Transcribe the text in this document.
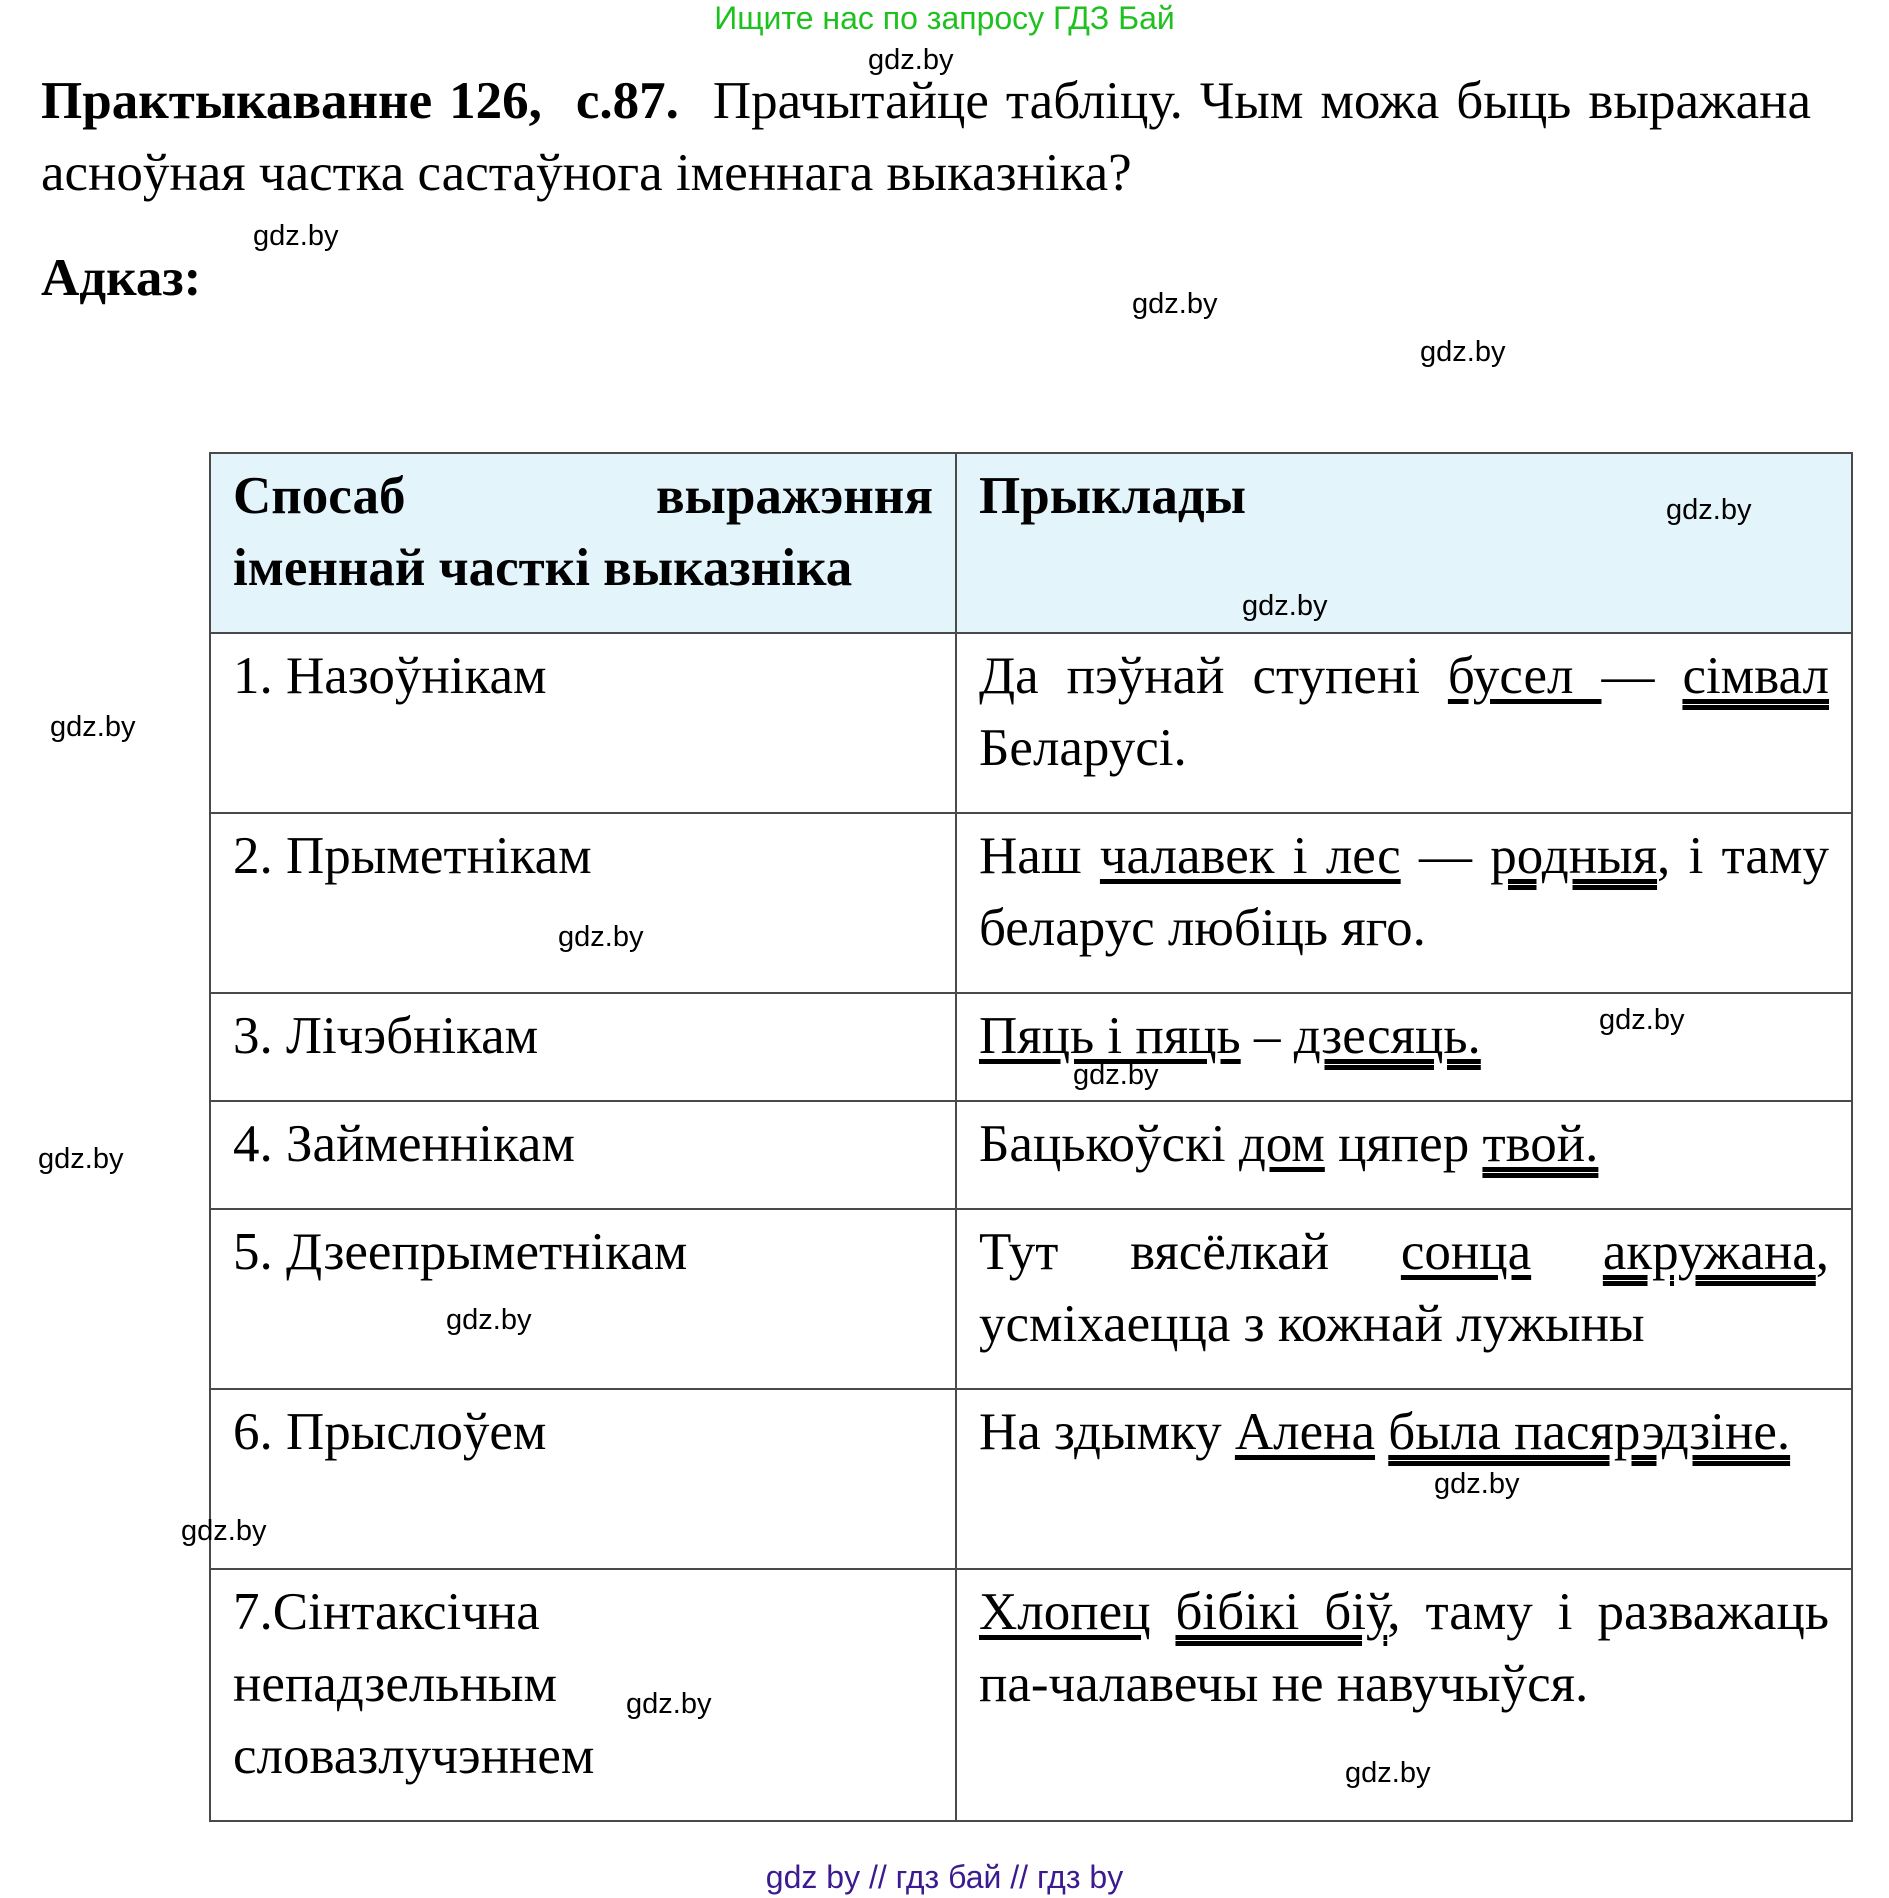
Ищите нас по запросу ГДЗ Бай
Практыкаванне 126, с.87. Прачытайце табліцу. Чым можа быць выражана асноўная частка састаўнога іменнага выказніка?
Адказ:
gdz.by
gdz.by
gdz.by
gdz.by
Спосаб выражэння
іменнай часткі выказніка	Прыклады
1. Назоўнікам	Да пэўнай ступені бусел — сімвал Беларусі.
2. Прыметнікам	Наш чалавек і лес — родныя, і таму беларус любіць яго.
3. Лічэбнікам	Пяць і пяць – дзесяць.
4. Займеннікам	Бацькоўскі дом цяпер твой.
5. Дзеепрыметнікам	Тут вясёлкай сонца акружана, усміхаецца з кожнай лужыны
6. Прыслоўем	На здымку Алена была пасярэдзіне.

7.Сінтаксічна
непадзельным
словазлучэннем	Хлопец бібікі біў, таму і разважаць па-чалавечы не навучыўся.
gdz.by
gdz.by
gdz.by
gdz.by
gdz.by
gdz.by
gdz.by
gdz.by
gdz.by
gdz.by
gdz.by
gdz.by
gdz by // гдз бай // гдз by
